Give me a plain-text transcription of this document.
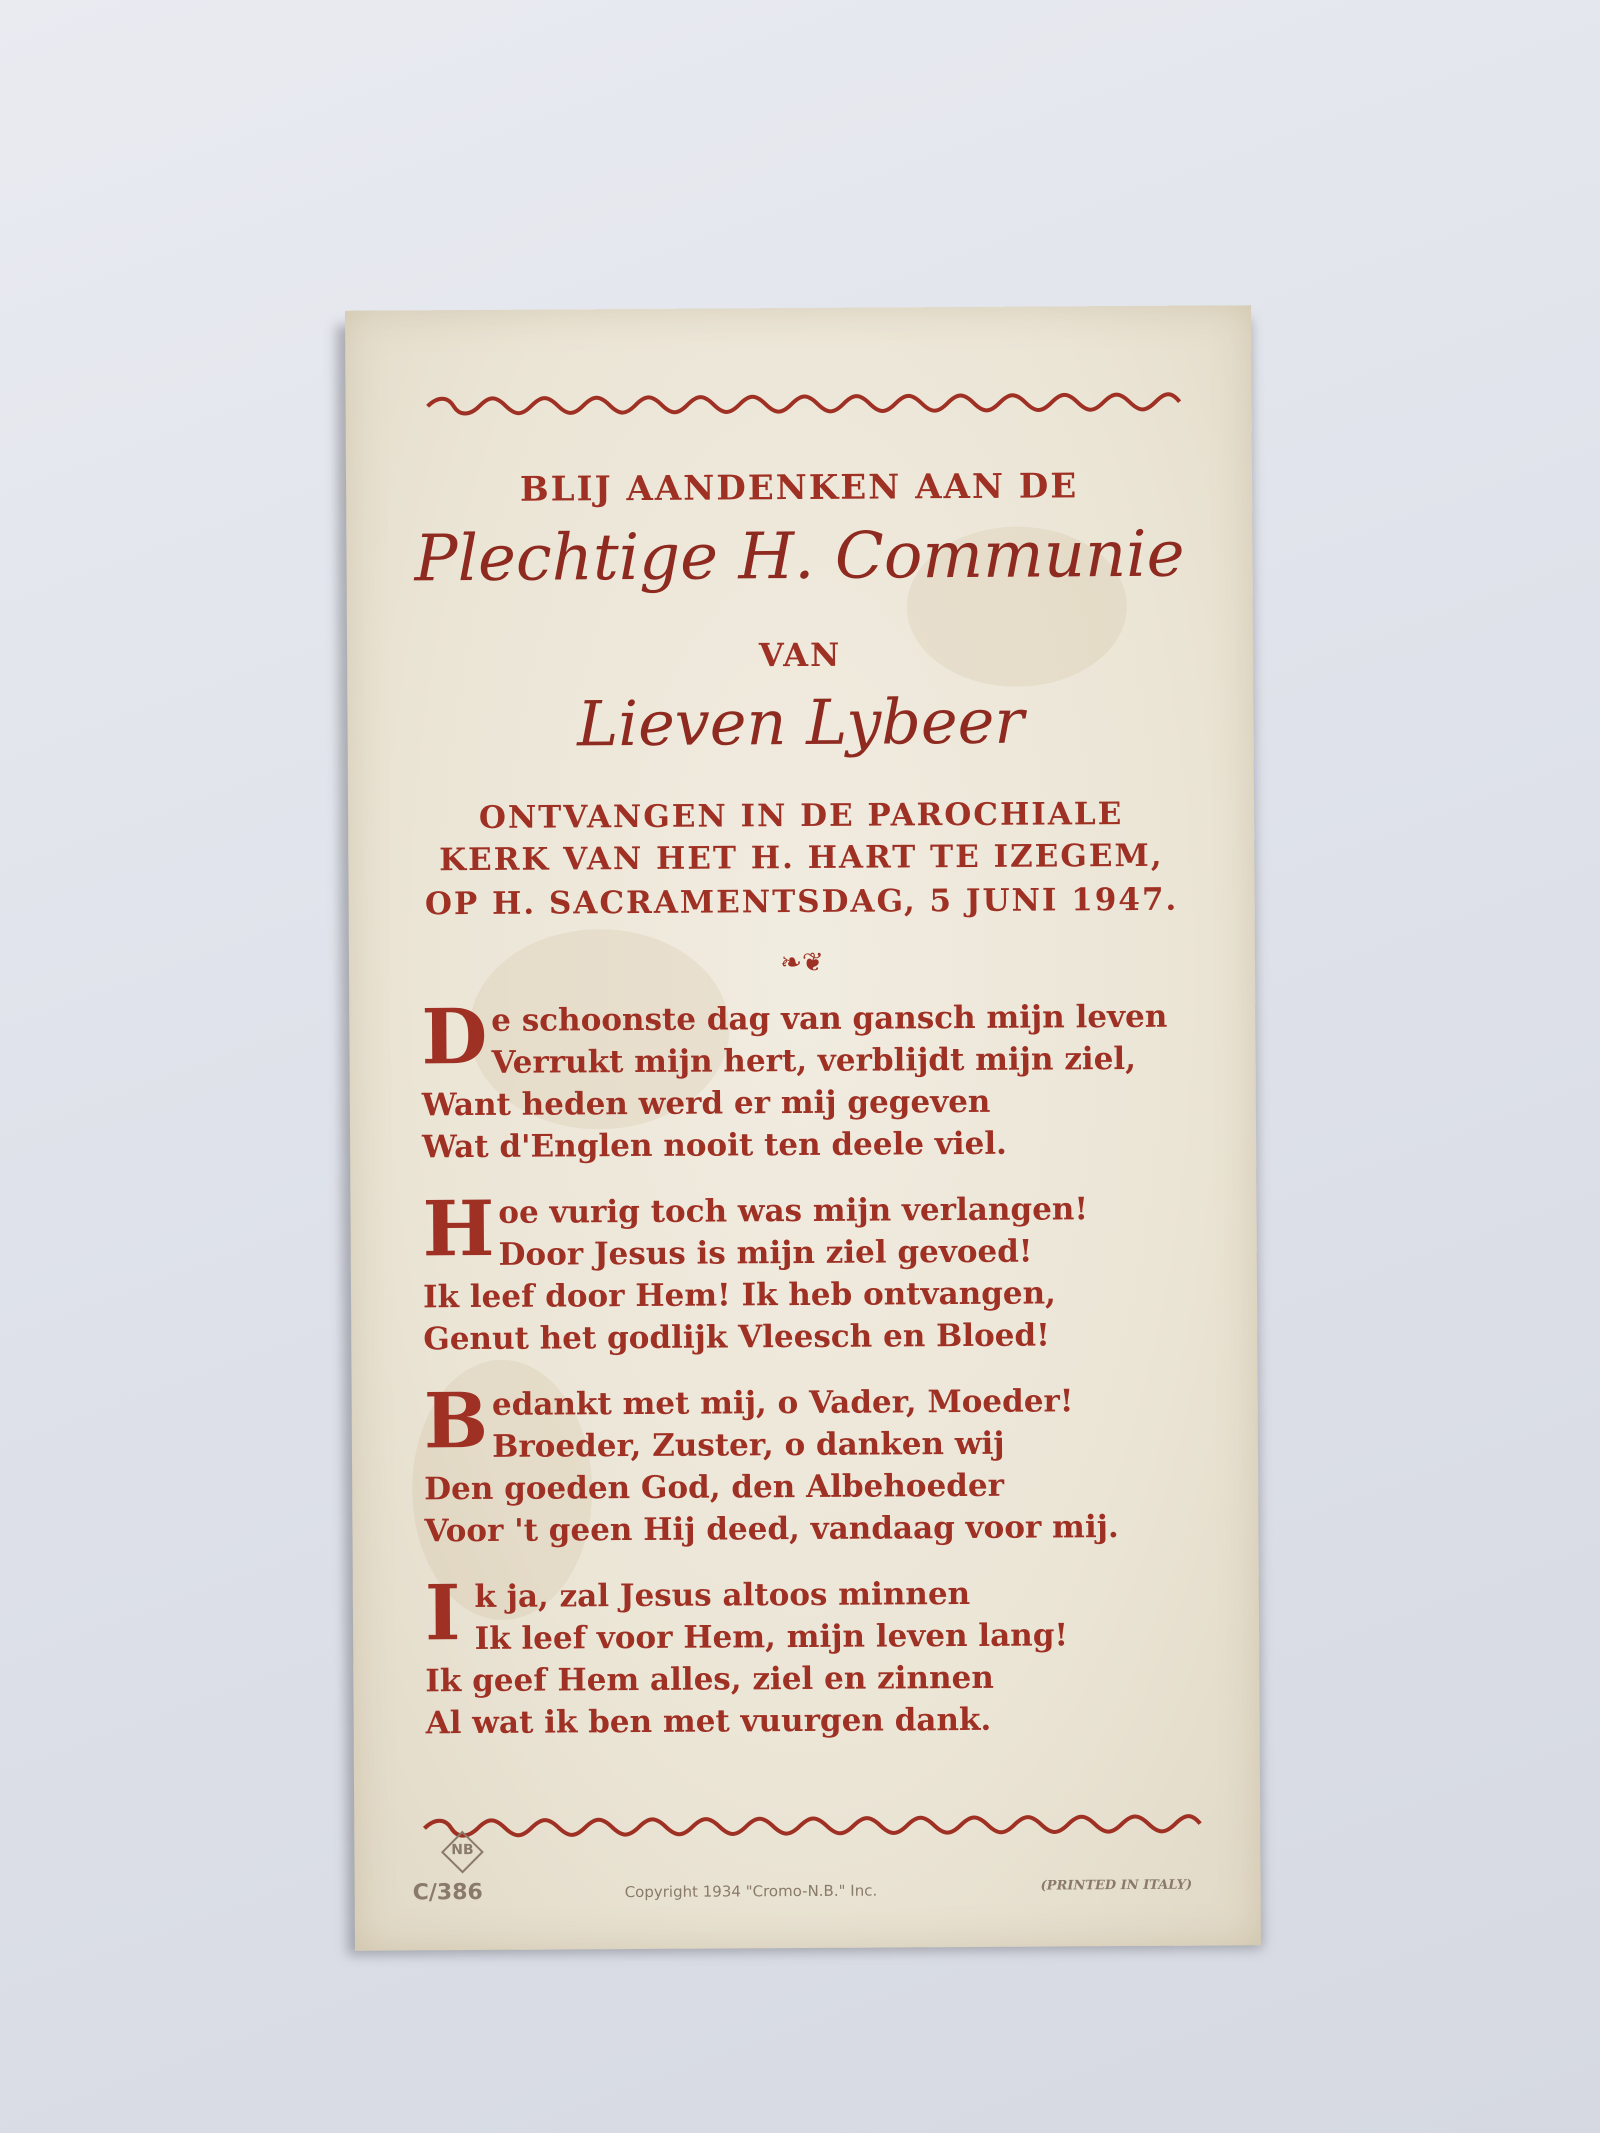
BLIJ AANDENKEN AAN DE
Plechtige H. Communie
VAN
Lieven Lybeer
ONTVANGEN IN DE PAROCHIALE
KERK VAN HET H. HART TE IZEGEM,
OP H. SACRAMENTSDAG, 5 JUNI 1947.
❧❦
D e schoonste dag van gansch mijn leven
Verrukt mijn hert, verblijdt mijn ziel,
Want heden werd er mij gegeven
Wat d'Englen nooit ten deele viel.
H oe vurig toch was mijn verlangen!
Door Jesus is mijn ziel gevoed!
Ik leef door Hem! Ik heb ontvangen,
Genut het godlijk Vleesch en Bloed!
B edankt met mij, o Vader, Moeder!
Broeder, Zuster, o danken wij
Den goeden God, den Albehoeder
Voor 't geen Hij deed, vandaag voor mij.
I k ja, zal Jesus altoos minnen
Ik leef voor Hem, mijn leven lang!
Ik geef Hem alles, ziel en zinnen
Al wat ik ben met vuurgen dank.
NB
C/386	Copyright 1934 "Cromo-N.B." Inc.	(PRINTED IN ITALY)
